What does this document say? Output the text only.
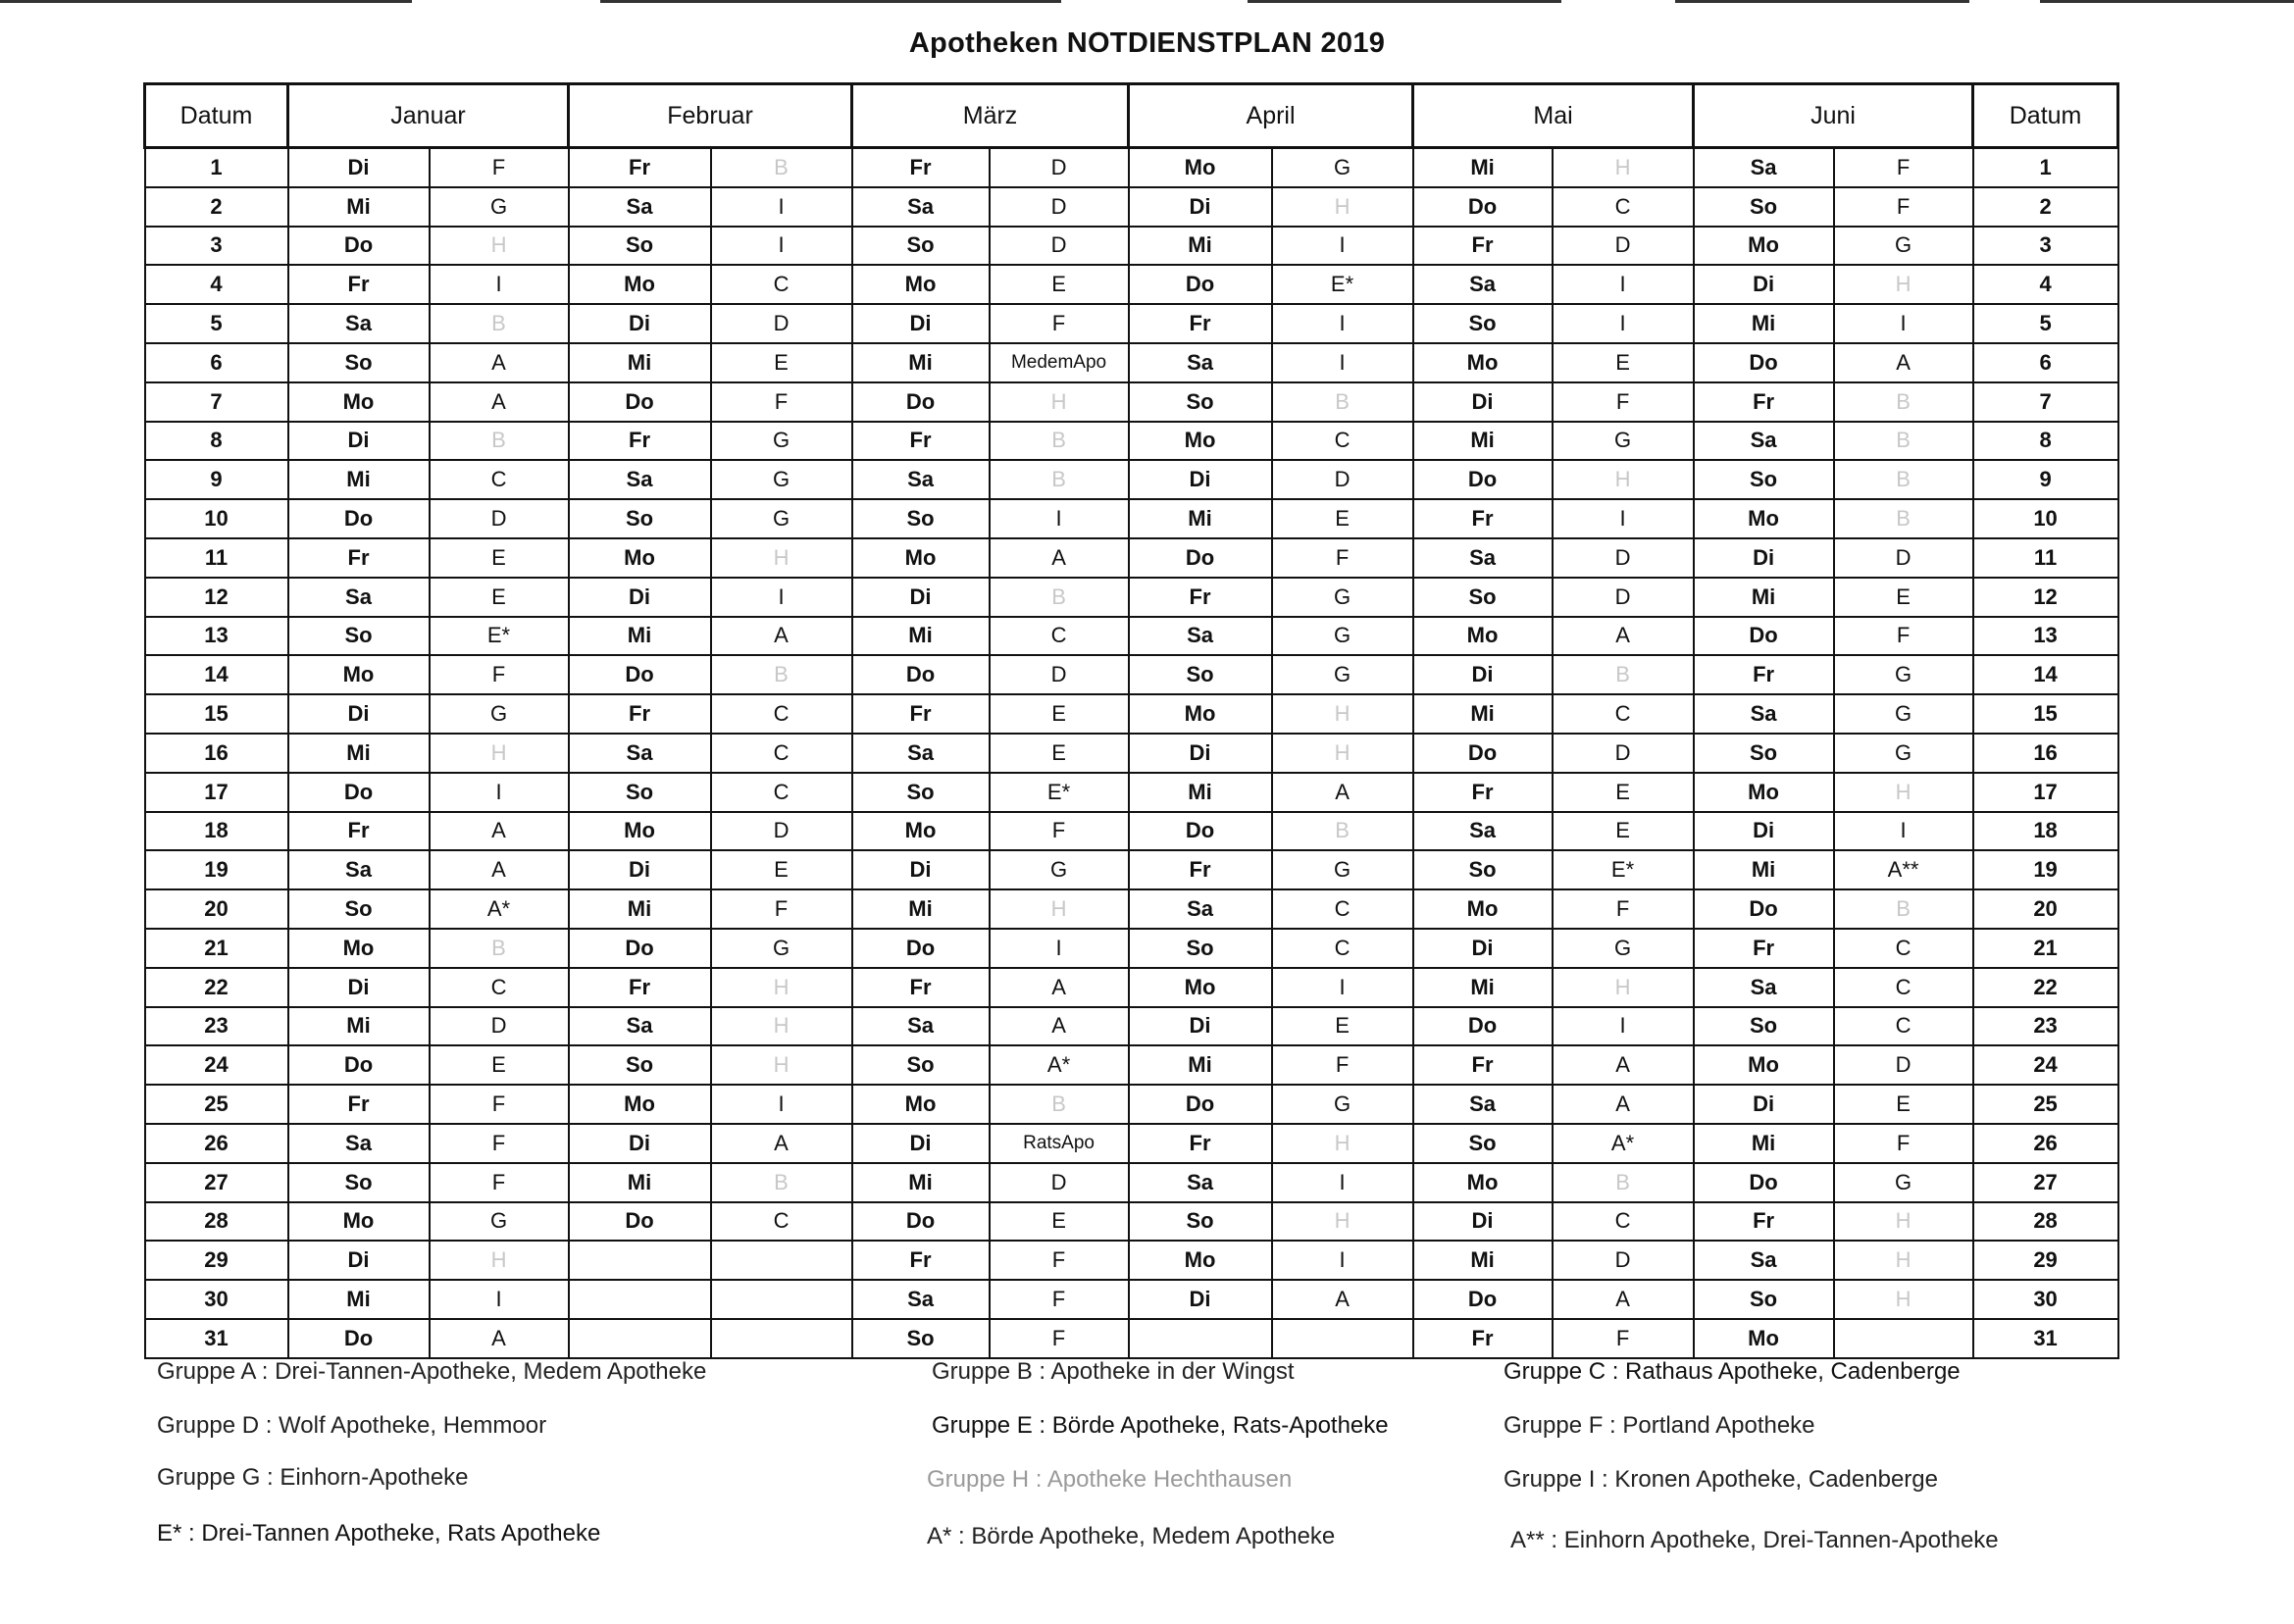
Apotheken NOTDIENSTPLAN 2019
Datum	Januar		Februar		März		April		Mai		Juni		Datum
1	Di	F	Fr	B	Fr	D	Mo	G	Mi	H	Sa	F	1
2	Mi	G	Sa	I	Sa	D	Di	H	Do	C	So	F	2
3	Do	H	So	I	So	D	Mi	I	Fr	D	Mo	G	3
4	Fr	I	Mo	C	Mo	E	Do	E*	Sa	I	Di	H	4
5	Sa	B	Di	D	Di	F	Fr	I	So	I	Mi	I	5
6	So	A	Mi	E	Mi	MedemApo	Sa	I	Mo	E	Do	A	6
7	Mo	A	Do	F	Do	H	So	B	Di	F	Fr	B	7
8	Di	B	Fr	G	Fr	B	Mo	C	Mi	G	Sa	B	8
9	Mi	C	Sa	G	Sa	B	Di	D	Do	H	So	B	9
10	Do	D	So	G	So	I	Mi	E	Fr	I	Mo	B	10
11	Fr	E	Mo	H	Mo	A	Do	F	Sa	D	Di	D	11
12	Sa	E	Di	I	Di	B	Fr	G	So	D	Mi	E	12
13	So	E*	Mi	A	Mi	C	Sa	G	Mo	A	Do	F	13
14	Mo	F	Do	B	Do	D	So	G	Di	B	Fr	G	14
15	Di	G	Fr	C	Fr	E	Mo	H	Mi	C	Sa	G	15
16	Mi	H	Sa	C	Sa	E	Di	H	Do	D	So	G	16
17	Do	I	So	C	So	E*	Mi	A	Fr	E	Mo	H	17
18	Fr	A	Mo	D	Mo	F	Do	B	Sa	E	Di	I	18
19	Sa	A	Di	E	Di	G	Fr	G	So	E*	Mi	A**	19
20	So	A*	Mi	F	Mi	H	Sa	C	Mo	F	Do	B	20
21	Mo	B	Do	G	Do	I	So	C	Di	G	Fr	C	21
22	Di	C	Fr	H	Fr	A	Mo	I	Mi	H	Sa	C	22
23	Mi	D	Sa	H	Sa	A	Di	E	Do	I	So	C	23
24	Do	E	So	H	So	A*	Mi	F	Fr	A	Mo	D	24
25	Fr	F	Mo	I	Mo	B	Do	G	Sa	A	Di	E	25
26	Sa	F	Di	A	Di	RatsApo	Fr	H	So	A*	Mi	F	26
27	So	F	Mi	B	Mi	D	Sa	I	Mo	B	Do	G	27
28	Mo	G	Do	C	Do	E	So	H	Di	C	Fr	H	28
29	Di	H			Fr	F	Mo	I	Mi	D	Sa	H	29
30	Mi	I			Sa	F	Di	A	Do	A	So	H	30
31	Do	A			So	F			Fr	F	Mo		31
Gruppe A : Drei-Tannen-Apotheke, Medem Apotheke	Gruppe B : Apotheke in der Wingst	Gruppe C : Rathaus Apotheke, Cadenberge
Gruppe D : Wolf Apotheke, Hemmoor	Gruppe E : Börde Apotheke, Rats-Apotheke	Gruppe F : Portland Apotheke
Gruppe G : Einhorn-Apotheke	Gruppe H : Apotheke Hechthausen	Gruppe I : Kronen Apotheke, Cadenberge
E* : Drei-Tannen Apotheke, Rats Apotheke	A* : Börde Apotheke, Medem Apotheke	A** : Einhorn Apotheke, Drei-Tannen-Apotheke
